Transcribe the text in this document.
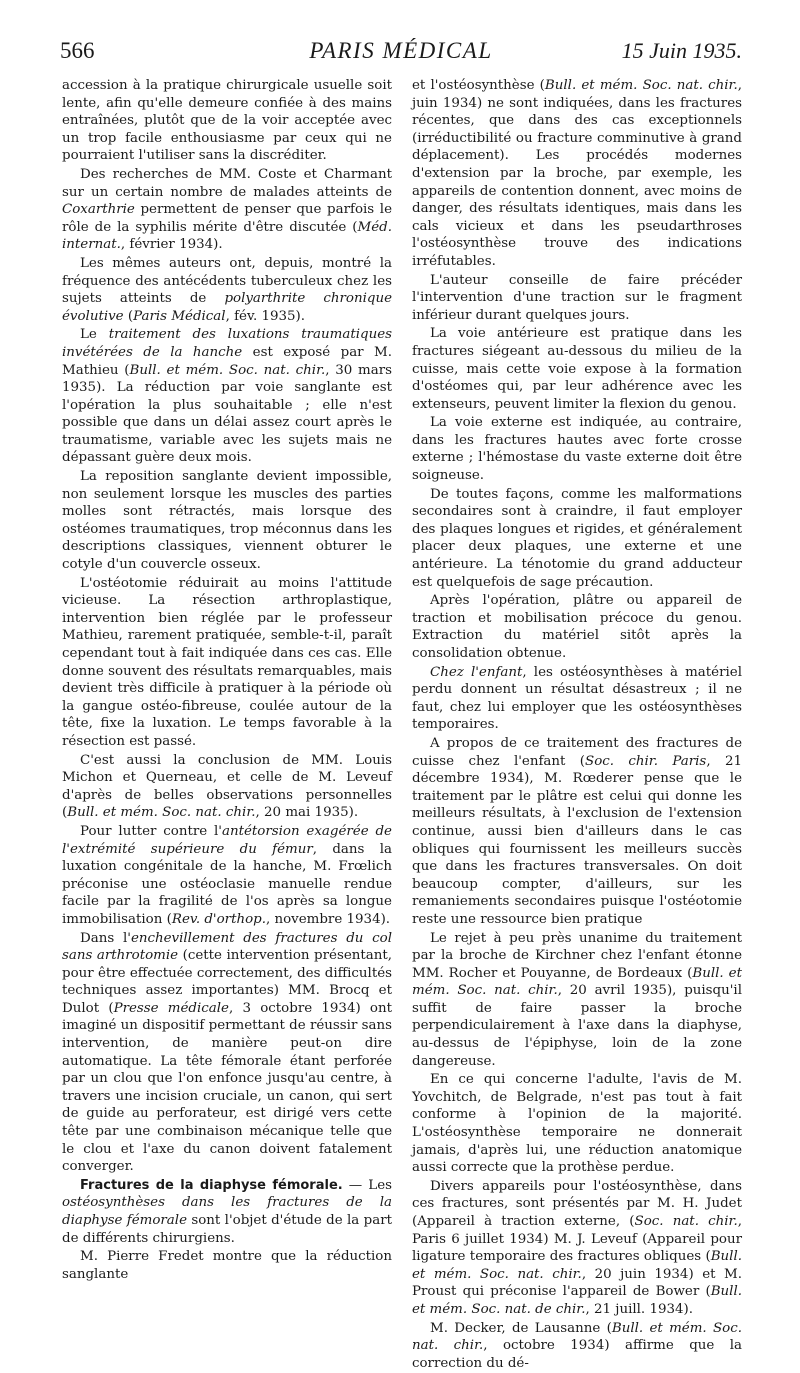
566	PARIS MÉDICAL	15 Juin 1935.

accession à la pratique chirurgicale usuelle soit lente, afin qu'elle demeure confiée à des mains entraînées, plutôt que de la voir acceptée avec un trop facile enthousiasme par ceux qui ne pourraient l'utiliser sans la discréditer.

Des recherches de MM. Coste et Charmant sur un certain nombre de malades atteints de Coxarthrie permettent de penser que parfois le rôle de la syphilis mérite d'être discutée (Méd. internat., février 1934).

Les mêmes auteurs ont, depuis, montré la fréquence des antécédents tuberculeux chez les sujets atteints de polyarthrite chronique évolutive (Paris Médical, fév. 1935).

Le traitement des luxations traumatiques invétérées de la hanche est exposé par M. Mathieu (Bull. et mém. Soc. nat. chir., 30 mars 1935). La réduction par voie sanglante est l'opération la plus souhaitable ; elle n'est possible que dans un délai assez court après le traumatisme, variable avec les sujets mais ne dépassant guère deux mois.

La reposition sanglante devient impossible, non seulement lorsque les muscles des parties molles sont rétractés, mais lorsque des ostéomes traumatiques, trop méconnus dans les descriptions classiques, viennent obturer le cotyle d'un couvercle osseux.

L'ostéotomie réduirait au moins l'attitude vicieuse. La résection arthroplastique, intervention bien réglée par le professeur Mathieu, rarement pratiquée, semble-t-il, paraît cependant tout à fait indiquée dans ces cas. Elle donne souvent des résultats remarquables, mais devient très difficile à pratiquer à la période où la gangue ostéo-fibreuse, coulée autour de la tête, fixe la luxation. Le temps favorable à la résection est passé.

C'est aussi la conclusion de MM. Louis Michon et Querneau, et celle de M. Leveuf d'après de belles observations personnelles (Bull. et mém. Soc. nat. chir., 20 mai 1935).

Pour lutter contre l'antétorsion exagérée de l'extrémité supérieure du fémur, dans la luxation congénitale de la hanche, M. Frœlich préconise une ostéoclasie manuelle rendue facile par la fragilité de l'os après sa longue immobilisation (Rev. d'orthop., novembre 1934).

Dans l'enchevillement des fractures du col sans arthrotomie (cette intervention présentant, pour être effectuée correctement, des difficultés techniques assez importantes) MM. Brocq et Dulot (Presse médicale, 3 octobre 1934) ont imaginé un dispositif permettant de réussir sans intervention, de manière peut-on dire automatique. La tête fémorale étant perforée par un clou que l'on enfonce jusqu'au centre, à travers une incision cruciale, un canon, qui sert de guide au perforateur, est dirigé vers cette tête par une combinaison mécanique telle que le clou et l'axe du canon doivent fatalement converger.

Fractures de la diaphyse fémorale. — Les ostéosynthèses dans les fractures de la diaphyse fémorale sont l'objet d'étude de la part de différents chirurgiens.

M. Pierre Fredet montre que la réduction sanglante

et l'ostéosynthèse (Bull. et mém. Soc. nat. chir., juin 1934) ne sont indiquées, dans les fractures récentes, que dans des cas exceptionnels (irréductibilité ou fracture comminutive à grand déplacement). Les procédés modernes d'extension par la broche, par exemple, les appareils de contention donnent, avec moins de danger, des résultats identiques, mais dans les cals vicieux et dans les pseudarthroses l'ostéosynthèse trouve des indications irréfutables.

L'auteur conseille de faire précéder l'intervention d'une traction sur le fragment inférieur durant quelques jours.

La voie antérieure est pratique dans les fractures siégeant au-dessous du milieu de la cuisse, mais cette voie expose à la formation d'ostéomes qui, par leur adhérence avec les extenseurs, peuvent limiter la flexion du genou.

La voie externe est indiquée, au contraire, dans les fractures hautes avec forte crosse externe ; l'hémostase du vaste externe doit être soigneuse.

De toutes façons, comme les malformations secondaires sont à craindre, il faut employer des plaques longues et rigides, et généralement placer deux plaques, une externe et une antérieure. La ténotomie du grand adducteur est quelquefois de sage précaution.

Après l'opération, plâtre ou appareil de traction et mobilisation précoce du genou. Extraction du matériel sitôt après la consolidation obtenue.

Chez l'enfant, les ostéosynthèses à matériel perdu donnent un résultat désastreux ; il ne faut, chez lui employer que les ostéosynthèses temporaires.

A propos de ce traitement des fractures de cuisse chez l'enfant (Soc. chir. Paris, 21 décembre 1934), M. Rœderer pense que le traitement par le plâtre est celui qui donne les meilleurs résultats, à l'exclusion de l'extension continue, aussi bien d'ailleurs dans le cas obliques qui fournissent les meilleurs succès que dans les fractures transversales. On doit beaucoup compter, d'ailleurs, sur les remaniements secondaires puisque l'ostéotomie reste une ressource bien pratique

Le rejet à peu près unanime du traitement par la broche de Kirchner chez l'enfant étonne MM. Rocher et Pouyanne, de Bordeaux (Bull. et mém. Soc. nat. chir., 20 avril 1935), puisqu'il suffit de faire passer la broche perpendiculairement à l'axe dans la diaphyse, au-dessus de l'épiphyse, loin de la zone dangereuse.

En ce qui concerne l'adulte, l'avis de M. Yovchitch, de Belgrade, n'est pas tout à fait conforme à l'opinion de la majorité. L'ostéosynthèse temporaire ne donnerait jamais, d'après lui, une réduction anatomique aussi correcte que la prothèse perdue.

Divers appareils pour l'ostéosynthèse, dans ces fractures, sont présentés par M. H. Judet (Appareil à traction externe, (Soc. nat. chir., Paris 6 juillet 1934) M. J. Leveuf (Appareil pour ligature temporaire des fractures obliques (Bull. et mém. Soc. nat. chir., 20 juin 1934) et M. Proust qui préconise l'appareil de Bower (Bull. et mém. Soc. nat. de chir., 21 juill. 1934).

M. Decker, de Lausanne (Bull. et mém. Soc. nat. chir., octobre 1934) affirme que la correction du dé-
